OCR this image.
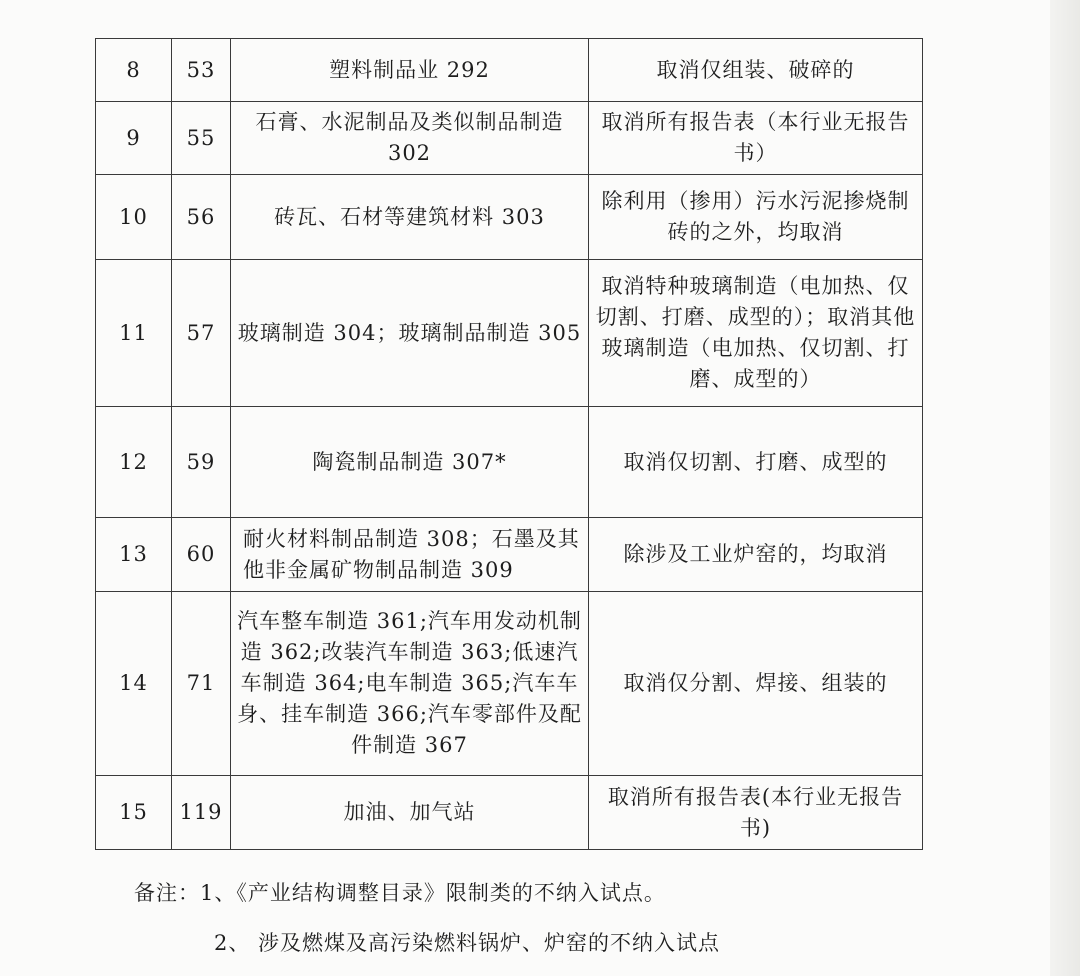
8	53	塑料制品业 292	取消仅组装、破碎的
9	55	石膏、水泥制品及类似制品制造 302	取消所有报告表（本行业无报告书）
10	56	砖瓦、石材等建筑材料 303	除利用（掺用）污水污泥掺烧制砖的之外，均取消
11	57	玻璃制造 304；玻璃制品制造 305	取消特种玻璃制造（电加热、仅切割、打磨、成型的）；取消其他玻璃制造（电加热、仅切割、打磨、成型的）
12	59	陶瓷制品制造 307*	取消仅切割、打磨、成型的
13	60	耐火材料制品制造 308；石墨及其他非金属矿物制品制造 309	除涉及工业炉窑的，均取消
14	71	汽车整车制造 361;汽车用发动机制造 362;改装汽车制造 363;低速汽车制造 364;电车制造 365;汽车车身、挂车制造 366;汽车零部件及配件制造 367	取消仅分割、焊接、组装的
15	119	加油、加气站	取消所有报告表(本行业无报告书)
备注：1、《产业结构调整目录》限制类的不纳入试点。
2、 涉及燃煤及高污染燃料锅炉、炉窑的不纳入试点
